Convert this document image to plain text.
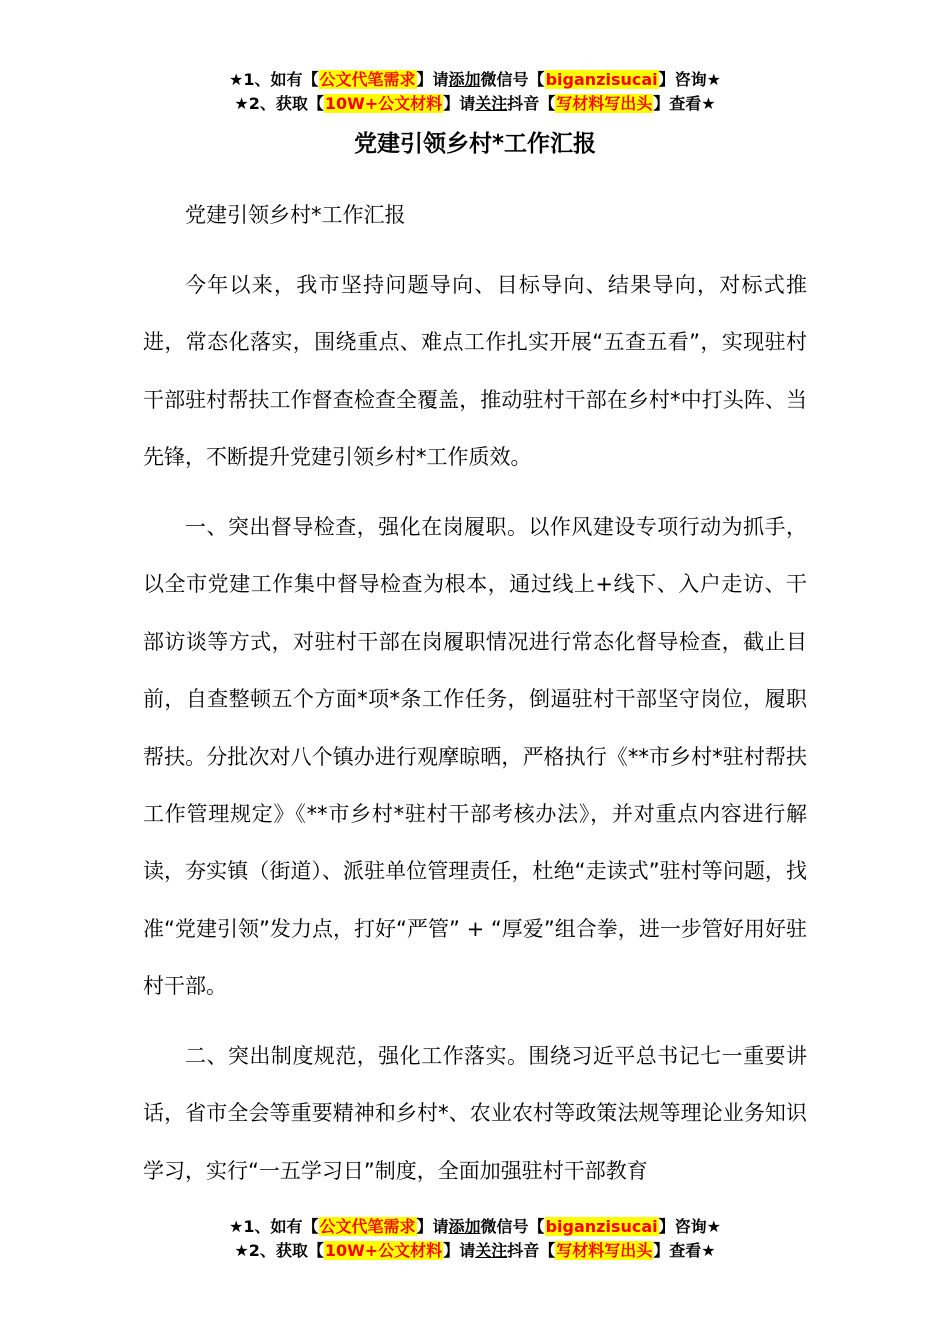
★1、如有【公文代笔需求】请添加微信号【biganzisucai】咨询★
★2、获取【10W+公文材料】请关注抖音【写材料写出头】查看★
党建引领乡村*工作汇报
党建引领乡村*工作汇报
今年以来，我市坚持问题导向、目标导向、结果导向，对标式推进，常态化落实，围绕重点、难点工作扎实开展“五查五看”，实现驻村干部驻村帮扶工作督查检查全覆盖，推动驻村干部在乡村*中打头阵、当先锋，不断提升党建引领乡村*工作质效。
一、突出督导检查，强化在岗履职。以作风建设专项行动为抓手，以全市党建工作集中督导检查为根本，通过线上+线下、入户走访、干部访谈等方式，对驻村干部在岗履职情况进行常态化督导检查，截止目前，自查整顿五个方面*项*条工作任务，倒逼驻村干部坚守岗位，履职帮扶。分批次对八个镇办进行观摩晾晒，严格执行《**市乡村*驻村帮扶工作管理规定》《**市乡村*驻村干部考核办法》，并对重点内容进行解读，夯实镇（街道）、派驻单位管理责任，杜绝“走读式”驻村等问题，找准“党建引领”发力点，打好“严管” + “厚爱”组合拳，进一步管好用好驻村干部。
二、突出制度规范，强化工作落实。围绕习近平总书记七一重要讲话，省市全会等重要精神和乡村*、农业农村等政策法规等理论业务知识学习，实行“一五学习日”制度，全面加强驻村干部教育
★1、如有【公文代笔需求】请添加微信号【biganzisucai】咨询★
★2、获取【10W+公文材料】请关注抖音【写材料写出头】查看★
